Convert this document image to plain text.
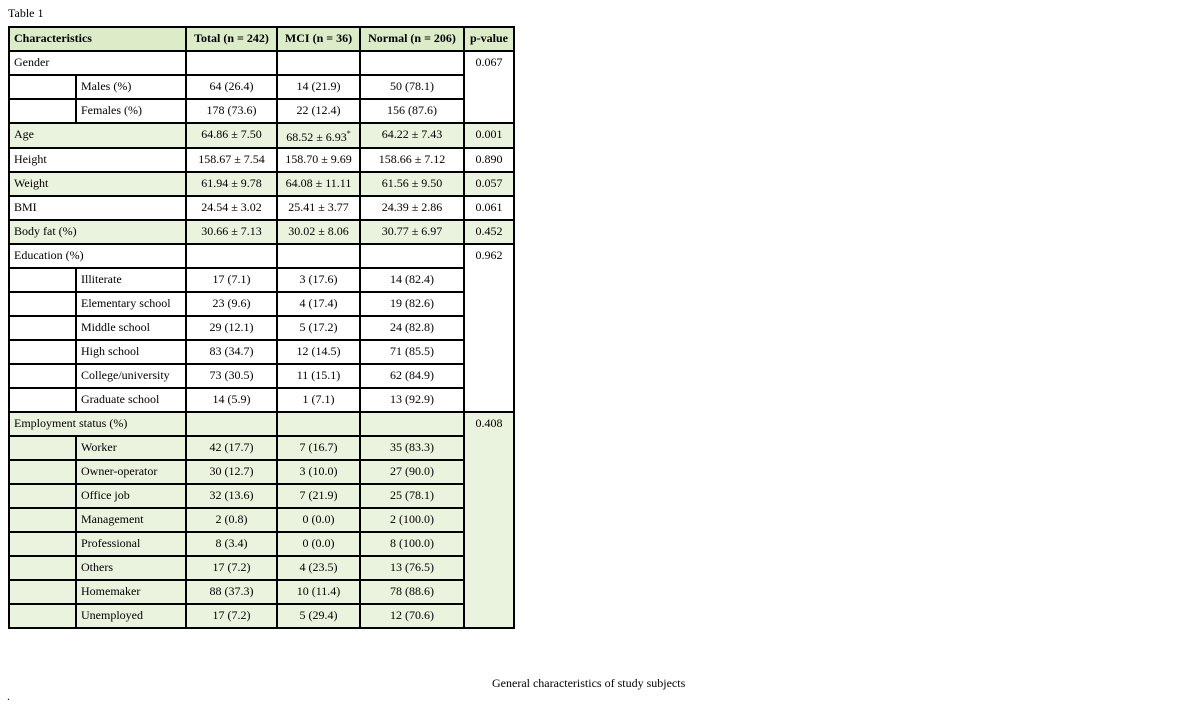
Table 1
Characteristics		Total (n = 242)	MCI (n = 36)	Normal (n = 206)	p-value
Gender					0.067
	Males (%)	64 (26.4)	14 (21.9)	50 (78.1)	
	Females (%)	178 (73.6)	22 (12.4)	156 (87.6)	
Age		64.86 ± 7.50	68.52 ± 6.93*	64.22 ± 7.43	0.001
Height		158.67 ± 7.54	158.70 ± 9.69	158.66 ± 7.12	0.890
Weight		61.94 ± 9.78	64.08 ± 11.11	61.56 ± 9.50	0.057
BMI		24.54 ± 3.02	25.41 ± 3.77	24.39 ± 2.86	0.061
Body fat (%)		30.66 ± 7.13	30.02 ± 8.06	30.77 ± 6.97	0.452
Education (%)					0.962
	Illiterate	17 (7.1)	3 (17.6)	14 (82.4)	
	Elementary school	23 (9.6)	4 (17.4)	19 (82.6)	
	Middle school	29 (12.1)	5 (17.2)	24 (82.8)	
	High school	83 (34.7)	12 (14.5)	71 (85.5)	
	College/university	73 (30.5)	11 (15.1)	62 (84.9)	
	Graduate school	14 (5.9)	1 (7.1)	13 (92.9)	
Employment status (%)					0.408
	Worker	42 (17.7)	7 (16.7)	35 (83.3)	
	Owner-operator	30 (12.7)	3 (10.0)	27 (90.0)	
	Office job	32 (13.6)	7 (21.9)	25 (78.1)	
	Management	2 (0.8)	0 (0.0)	2 (100.0)	
	Professional	8 (3.4)	0 (0.0)	8 (100.0)	
	Others	17 (7.2)	4 (23.5)	13 (76.5)	
	Homemaker	88 (37.3)	10 (11.4)	78 (88.6)	
	Unemployed	17 (7.2)	5 (29.4)	12 (70.6)	
General characteristics of study subjects
.
